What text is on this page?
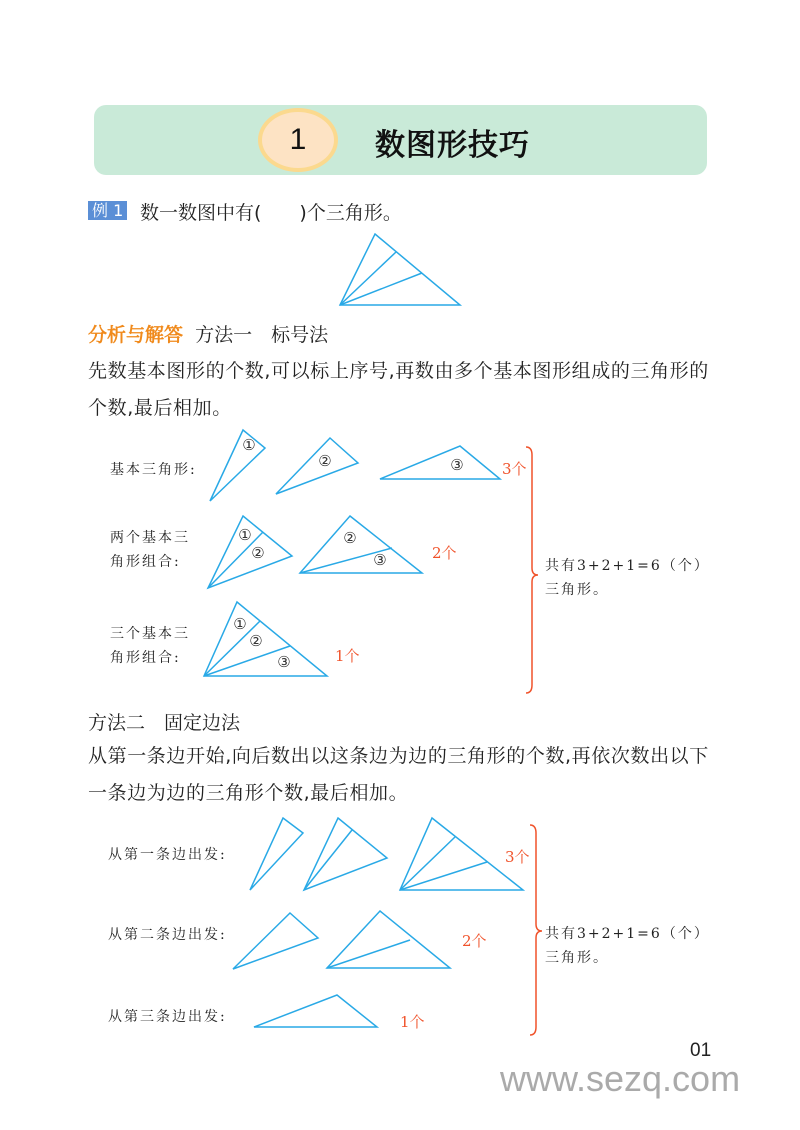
1	数图形技巧
例 1 数一数图中有(　　)个三角形。
分析与解答 方法一　标号法
先数基本图形的个数,可以标上序号,再数由多个基本图形组成的三角形的个数,最后相加。
基本三角形:
两个基本三角形组合:
三个基本三角形组合:
3个
2个
1个
共有3+2+1=6（个）三角形。
方法二　固定边法
从第一条边开始,向后数出以这条边为边的三角形的个数,再依次数出以下一条边为边的三角形个数,最后相加。
从第一条边出发:
从第二条边出发:
从第三条边出发:
3个
2个
1个
共有3+2+1=6（个）三角形。
①
②	③
①
②
②
③
①
②
③
01
www.sezq.com
